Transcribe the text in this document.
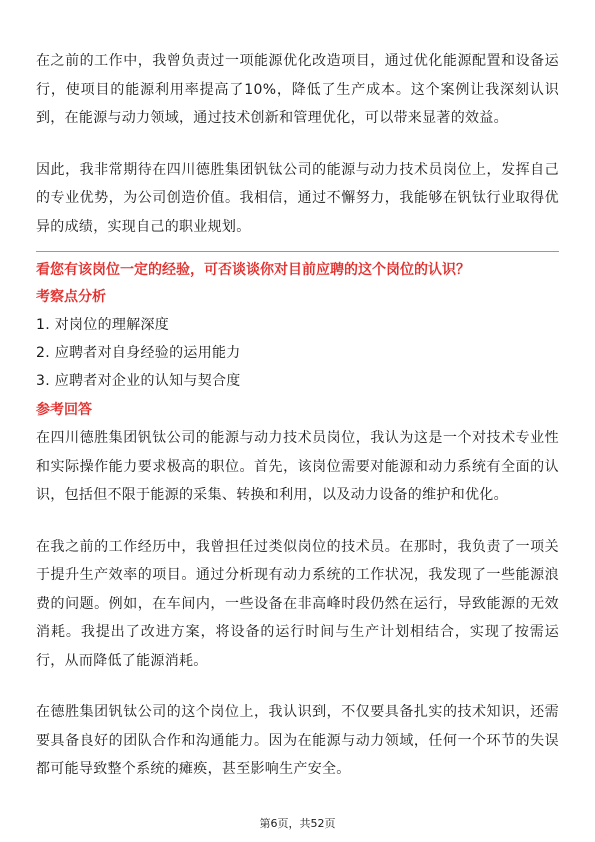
在之前的工作中，我曾负责过一项能源优化改造项目，通过优化能源配置和设备运行，使项目的能源利用率提高了10%，降低了生产成本。这个案例让我深刻认识到，在能源与动力领域，通过技术创新和管理优化，可以带来显著的效益。

因此，我非常期待在四川德胜集团钒钛公司的能源与动力技术员岗位上，发挥自己的专业优势，为公司创造价值。我相信，通过不懈努力，我能够在钒钛行业取得优异的成绩，实现自己的职业规划。

看您有该岗位一定的经验，可否谈谈你对目前应聘的这个岗位的认识？

考察点分析

1. 对岗位的理解深度

2. 应聘者对自身经验的运用能力

3. 应聘者对企业的认知与契合度

参考回答

在四川德胜集团钒钛公司的能源与动力技术员岗位，我认为这是一个对技术专业性和实际操作能力要求极高的职位。首先，该岗位需要对能源和动力系统有全面的认识，包括但不限于能源的采集、转换和利用，以及动力设备的维护和优化。

在我之前的工作经历中，我曾担任过类似岗位的技术员。在那时，我负责了一项关于提升生产效率的项目。通过分析现有动力系统的工作状况，我发现了一些能源浪费的问题。例如，在车间内，一些设备在非高峰时段仍然在运行，导致能源的无效消耗。我提出了改进方案，将设备的运行时间与生产计划相结合，实现了按需运行，从而降低了能源消耗。

在德胜集团钒钛公司的这个岗位上，我认识到，不仅要具备扎实的技术知识，还需要具备良好的团队合作和沟通能力。因为在能源与动力领域，任何一个环节的失误都可能导致整个系统的瘫痪，甚至影响生产安全。

第6页，共52页
